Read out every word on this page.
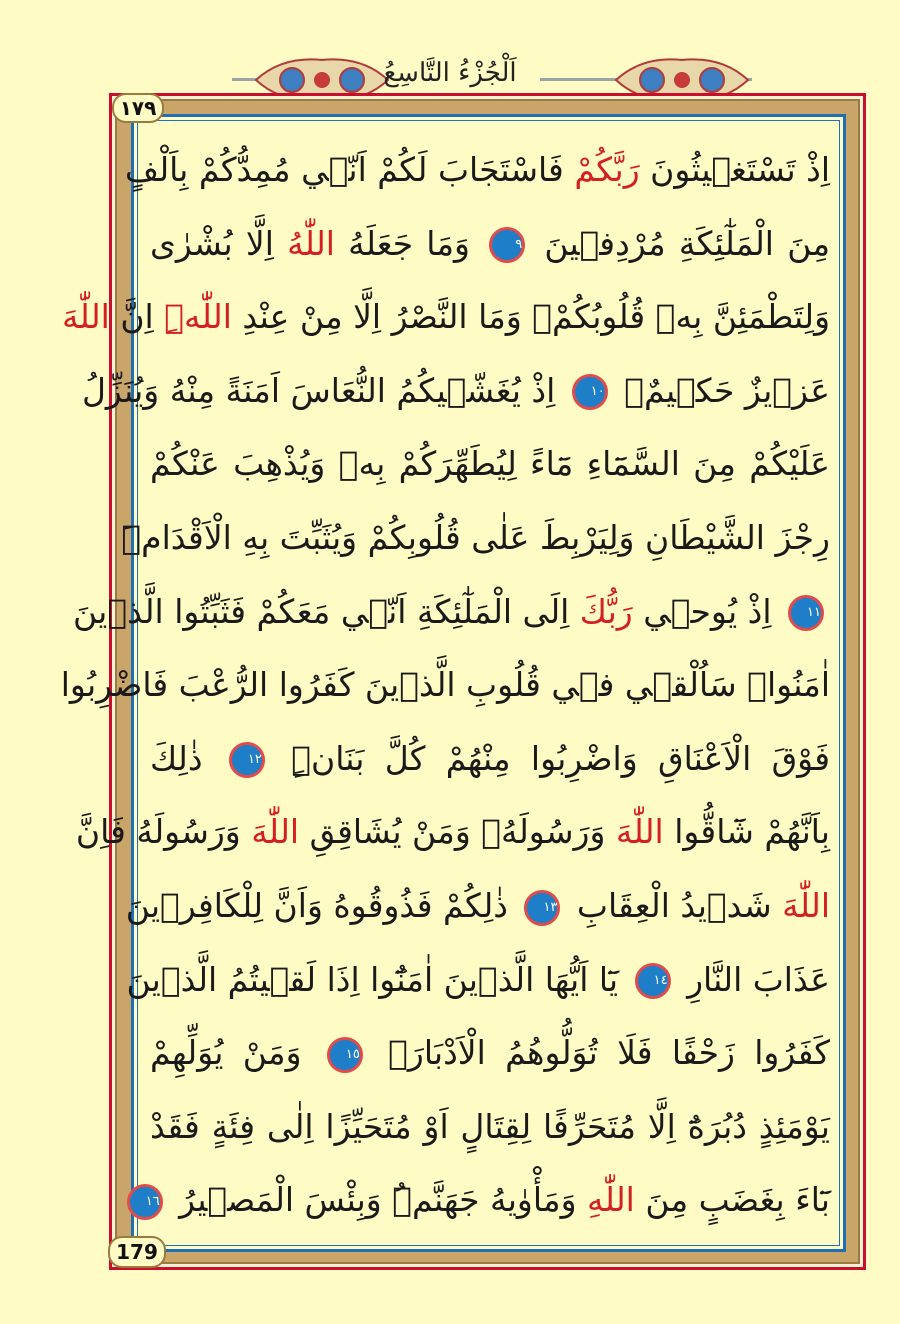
اَلْجُزْءُ التَّاسِعُ
١٧٩
179
اِذْ تَسْتَغ۪يثُونَ رَبَّكُمْ فَاسْتَجَابَ لَكُمْ اَنّ۪ي مُمِدُّكُمْ بِاَلْفٍ
مِنَ الْمَلٰٓئِكَةِ مُرْدِف۪ينَ ٩ وَمَا جَعَلَهُ اللّٰهُ اِلَّا بُشْرٰى
وَلِتَطْمَئِنَّ بِه۪ قُلُوبُكُمْۚ وَمَا النَّصْرُ اِلَّا مِنْ عِنْدِ اللّٰهِۜ اِنَّ اللّٰهَ
عَز۪يزٌ حَك۪يمٌۚ ١٠ اِذْ يُغَشّ۪يكُمُ النُّعَاسَ اَمَنَةً مِنْهُ وَيُنَزِّلُ
عَلَيْكُمْ مِنَ السَّمَٓاءِ مَٓاءً لِيُطَهِّرَكُمْ بِه۪ وَيُذْهِبَ عَنْكُمْ
رِجْزَ الشَّيْطَانِ وَلِيَرْبِطَ عَلٰى قُلُوبِكُمْ وَيُثَبِّتَ بِهِ الْاَقْدَامَۜ
١١ اِذْ يُوح۪ي رَبُّكَ اِلَى الْمَلٰٓئِكَةِ اَنّ۪ي مَعَكُمْ فَثَبِّتُوا الَّذ۪ينَ
اٰمَنُواۜ سَاُلْق۪ي ف۪ي قُلُوبِ الَّذ۪ينَ كَفَرُوا الرُّعْبَ فَاضْرِبُوا
فَوْقَ الْاَعْنَاقِ وَاضْرِبُوا مِنْهُمْ كُلَّ بَنَانٍۜ ١٢ ذٰلِكَ
بِاَنَّهُمْ شَٓاقُّوا اللّٰهَ وَرَسُولَهُۚ وَمَنْ يُشَاقِقِ اللّٰهَ وَرَسُولَهُ فَاِنَّ
اللّٰهَ شَد۪يدُ الْعِقَابِ ١٣ ذٰلِكُمْ فَذُوقُوهُ وَاَنَّ لِلْكَافِر۪ينَ
عَذَابَ النَّارِ ١٤ يَٓا اَيُّهَا الَّذ۪ينَ اٰمَنُٓوا اِذَا لَق۪يتُمُ الَّذ۪ينَ
كَفَرُوا زَحْفًا فَلَا تُوَلُّوهُمُ الْاَدْبَارَۚ ١٥ وَمَنْ يُوَلِّهِمْ
يَوْمَئِذٍ دُبُرَهُٓ اِلَّا مُتَحَرِّفًا لِقِتَالٍ اَوْ مُتَحَيِّزًا اِلٰى فِئَةٍ فَقَدْ
بَٓاءَ بِغَضَبٍ مِنَ اللّٰهِ وَمَأْوٰيهُ جَهَنَّمُۜ وَبِئْسَ الْمَص۪يرُ ١٦
